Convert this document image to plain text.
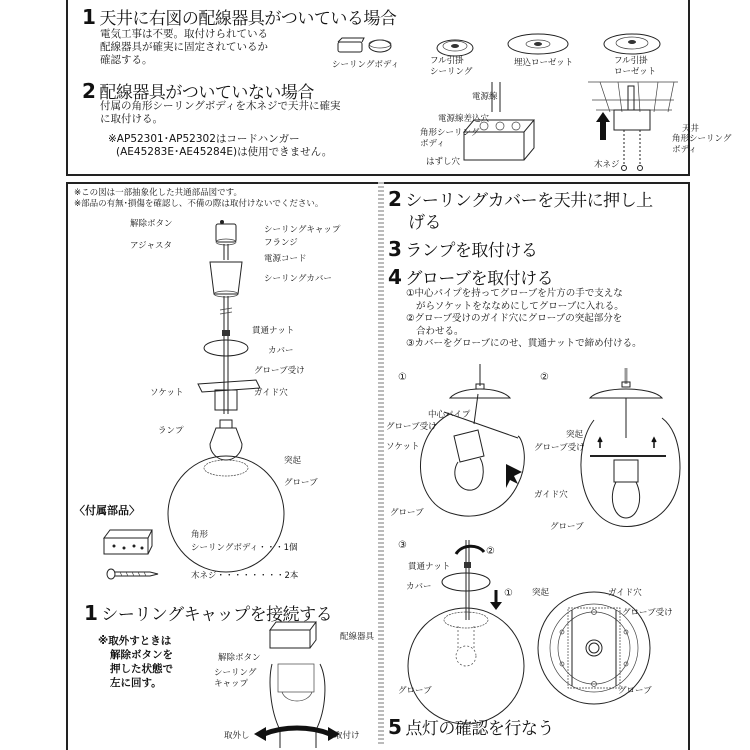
1 天井に右図の配線器具がついている場合
電気工事は不要。取付けられている
配線器具が確実に固定されているか
確認する。	シーリングボディ	フル引掛
シーリング
埋込ローゼット	フル引掛
ローゼット
2 配線器具がついていない場合
付属の角形シーリングボディを木ネジで天井に確実
に取付ける。
※AP52301･AP52302はコードハンガー
(AE45283E･AE45284E)は使用できません。
電源線
電源線差込穴
角形シーリング
ボディ
はずし穴
天井
角形シーリング
ボディ
木ネジ
※この図は一部抽象化した共通部品図です。
※部品の有無･損傷を確認し、不備の際は取付けないでください。
解除ボタン
シーリングキャップ
フランジ
アジャスタ
電源コード
シーリングカバー
貫通ナット
カバー
グローブ受け
ソケット	ガイド穴
ランプ
突起
グローブ
〈付属部品〉
角形
シーリングボディ・・・1個
木ネジ・・・・・・・・2本
1 シーリングキャップを接続する
※取外すときは
解除ボタンを
押した状態で
左に回す。
配線器具
解除ボタン
シーリング
キャップ
取外し	取付け
2 シーリングカバーを天井に押し上
げる
3 ランプを取付ける
4 グローブを取付ける
①中心パイプを持ってグローブを片方の手で支えな
がらソケットをななめにしてグローブに入れる。
②グローブ受けのガイド穴にグローブの突起部分を
合わせる。
③カバーをグローブにのせ、貫通ナットで締め付ける。
①
中心パイプ
グローブ受け
ソケット
グローブ
②
突起
グローブ受け
ガイド穴
グローブ
③
②
貫通ナット
カバー
①
グローブ
突起	ガイド穴
グローブ受け
グローブ
5 点灯の確認を行なう
